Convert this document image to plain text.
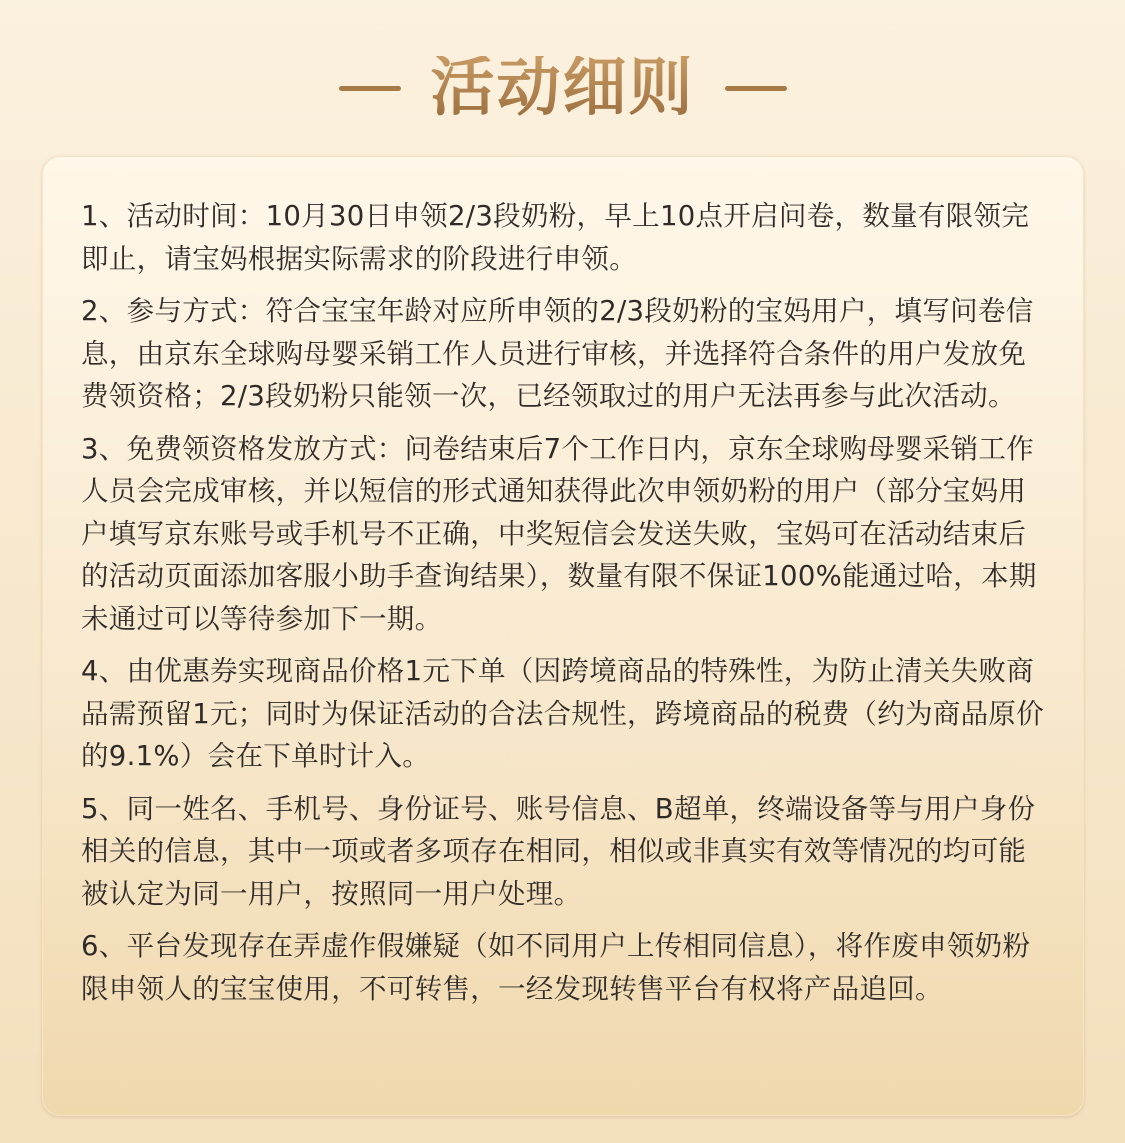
活动细则

1、活动时间：10月30日申领2/3段奶粉，早上10点开启问卷，数量有限领完即止，请宝妈根据实际需求的阶段进行申领。

2、参与方式：符合宝宝年龄对应所申领的2/3段奶粉的宝妈用户，填写问卷信息，由京东全球购母婴采销工作人员进行审核，并选择符合条件的用户发放免费领资格；2/3段奶粉只能领一次，已经领取过的用户无法再参与此次活动。

3、免费领资格发放方式：问卷结束后7个工作日内，京东全球购母婴采销工作人员会完成审核，并以短信的形式通知获得此次申领奶粉的用户（部分宝妈用户填写京东账号或手机号不正确，中奖短信会发送失败，宝妈可在活动结束后的活动页面添加客服小助手查询结果），数量有限不保证100%能通过哈，本期未通过可以等待参加下一期。

4、由优惠券实现商品价格1元下单（因跨境商品的特殊性，为防止清关失败商品需预留1元；同时为保证活动的合法合规性，跨境商品的税费（约为商品原价的9.1%）会在下单时计入。

5、同一姓名、手机号、身份证号、账号信息、B超单，终端设备等与用户身份相关的信息，其中一项或者多项存在相同，相似或非真实有效等情况的均可能被认定为同一用户，按照同一用户处理。

6、平台发现存在弄虚作假嫌疑（如不同用户上传相同信息），将作废申领奶粉限申领人的宝宝使用，不可转售，一经发现转售平台有权将产品追回。
